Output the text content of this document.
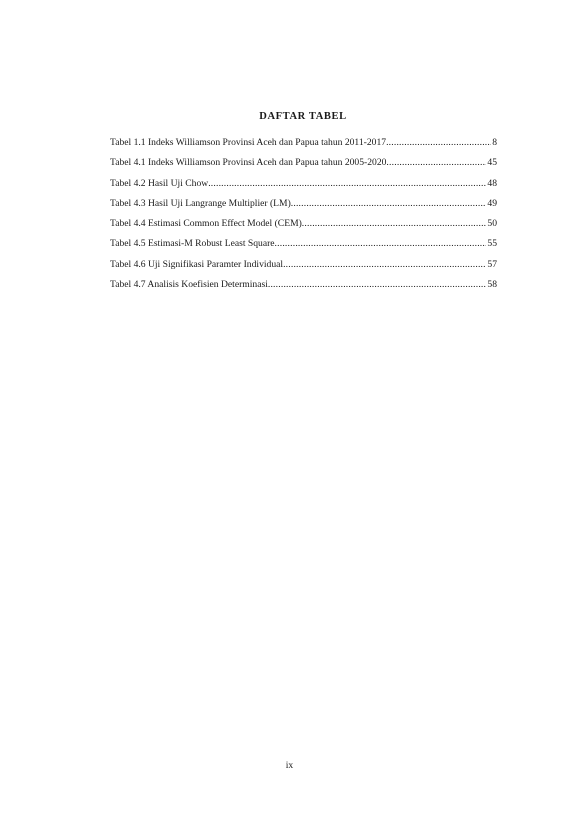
DAFTAR TABEL
Tabel 1.1 Indeks Williamson Provinsi Aceh dan Papua tahun 2011-2017 .....	8
Tabel 4.1 Indeks Williamson Provinsi Aceh dan Papua tahun 2005-2020 .....	45
Tabel 4.2 Hasil Uji Chow .....	48
Tabel 4.3 Hasil Uji Langrange Multiplier (LM) .....	49
Tabel 4.4 Estimasi Common Effect Model (CEM) .....	50
Tabel 4.5 Estimasi-M Robust Least Square .....	55
Tabel 4.6 Uji Signifikasi Paramter Individual .....	57
Tabel 4.7 Analisis Koefisien Determinasi .....	58
ix
